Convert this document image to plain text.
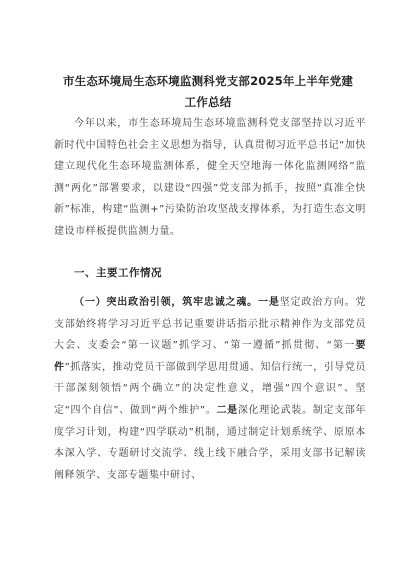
市生态环境局生态环境监测科党支部2025年上半年党建工作总结
今年以来，市生态环境局生态环境监测科党支部坚持以习近平新时代中国特色社会主义思想为指导，认真贯彻习近平总书记“加快建立现代化生态环境监测体系，健全天空地海一体化监测网络”监测“两化”部署要求，以建设“四强”党支部为抓手，按照“真准全快新”标准，构建“监测+”污染防治攻坚战支撑体系，为打造生态文明建设市样板提供监测力量。
一、主要工作情况
（一）突出政治引领，筑牢忠诚之魂。一是坚定政治方向。党支部始终将学习习近平总书记重要讲话指示批示精神作为支部党员大会、支委会“第一议题”抓学习、“第一遵循”抓贯彻、“第一要件”抓落实，推动党员干部做到学思用贯通、知信行统一，引导党员干部深刻领悟“两个确立”的决定性意义，增强“四个意识”、坚定“四个自信”、做到“两个维护”。二是深化理论武装。制定支部年度学习计划，构建“四学联动”机制，通过制定计划系统学、原原本本深入学、专题研讨交流学、线上线下融合学，采用支部书记解读阐释领学、支部专题集中研讨、
